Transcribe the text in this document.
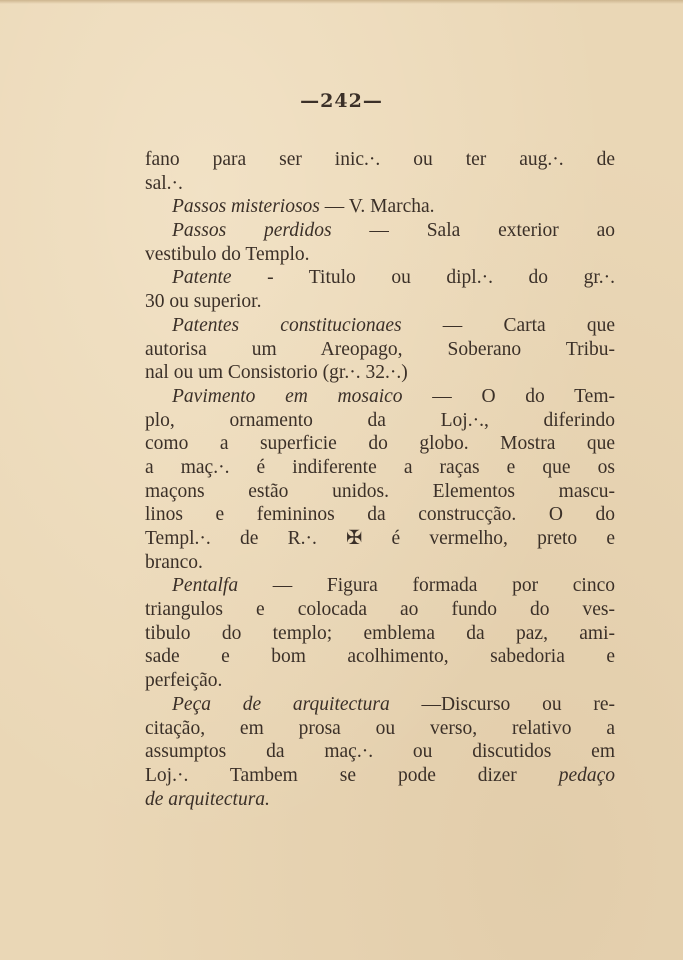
—242—
fano para ser inic.·. ou ter aug.·. de
sal.·.
Passos misteriosos — V. Marcha.
Passos perdidos — Sala exterior ao
vestibulo do Templo.
Patente - Titulo ou dipl.·. do gr.·.
30 ou superior.
Patentes constitucionaes — Carta que
autorisa um Areopago, Soberano Tribu-
nal ou um Consistorio (gr.·. 32.·.)
Pavimento em mosaico — O do Tem-
plo, ornamento da Loj.·., diferindo
como a superficie do globo. Mostra que
a maç.·. é indiferente a raças e que os
maçons estão unidos. Elementos mascu-
linos e femininos da construcção. O do
Templ.·. de R.·. ✠ é vermelho, preto e
branco.
Pentalfa — Figura formada por cinco
triangulos e colocada ao fundo do ves-
tibulo do templo; emblema da paz, ami-
sade e bom acolhimento, sabedoria e
perfeição.
Peça de arquitectura —Discurso ou re-
citação, em prosa ou verso, relativo a
assumptos da maç.·. ou discutidos em
Loj.·. Tambem se pode dizer pedaço
de arquitectura.
